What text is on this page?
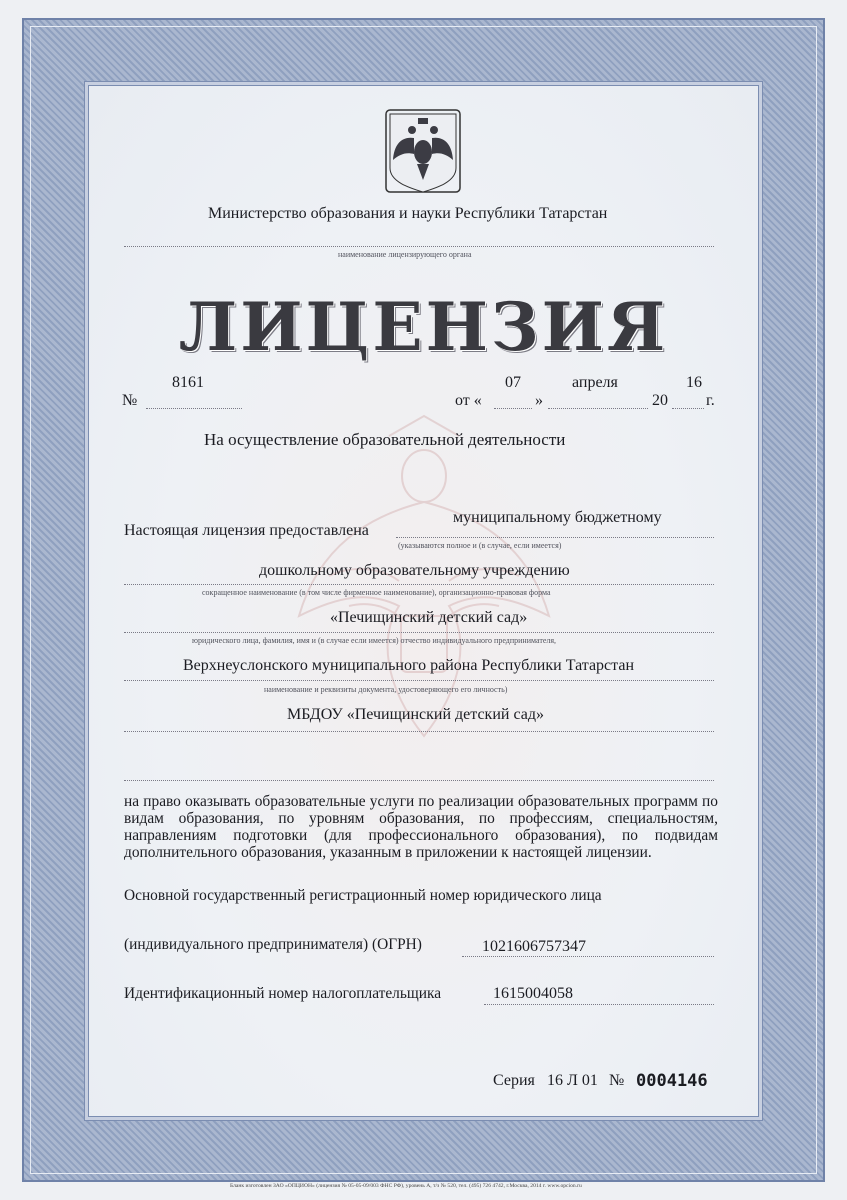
Министерство образования и науки Республики Татарстан
наименование лицензирующего органа
ЛИЦЕНЗИЯ
№
8161
от «
07
»
апреля
20
16
г.
На осуществление образовательной деятельности
Настоящая лицензия предоставлена
муниципальному бюджетному
(указываются полное и (в случае, если имеется)
дошкольному образовательному учреждению
сокращенное наименование (в том числе фирменное наименование), организационно-правовая форма
«Печищинский детский сад»
юридического лица, фамилия, имя и (в случае если имеется) отчество индивидуального предпринимателя,
Верхнеуслонского муниципального района Республики Татарстан
наименование и реквизиты документа, удостоверяющего его личность)
МБДОУ «Печищинский детский сад»
на право оказывать образовательные услуги по реализации образовательных программ по видам образования, по уровням образования, по профессиям, специальностям, направлениям подготовки (для профессионального образования), по подвидам дополнительного образования, указанным в приложении к настоящей лицензии.
Основной государственный регистрационный номер юридического лица
(индивидуального предпринимателя) (ОГРН)	1021606757347
Идентификационный номер налогоплательщика	1615004058
Серия 16 Л 01 № 0004146
Бланк изготовлен ЗАО «ОПЦИОН» (лицензия № 05-05-09/003 ФНС РФ), уровень А, т/з № 520, тел. (495) 726 4742, г.Москва, 2014 г. www.opcion.ru
